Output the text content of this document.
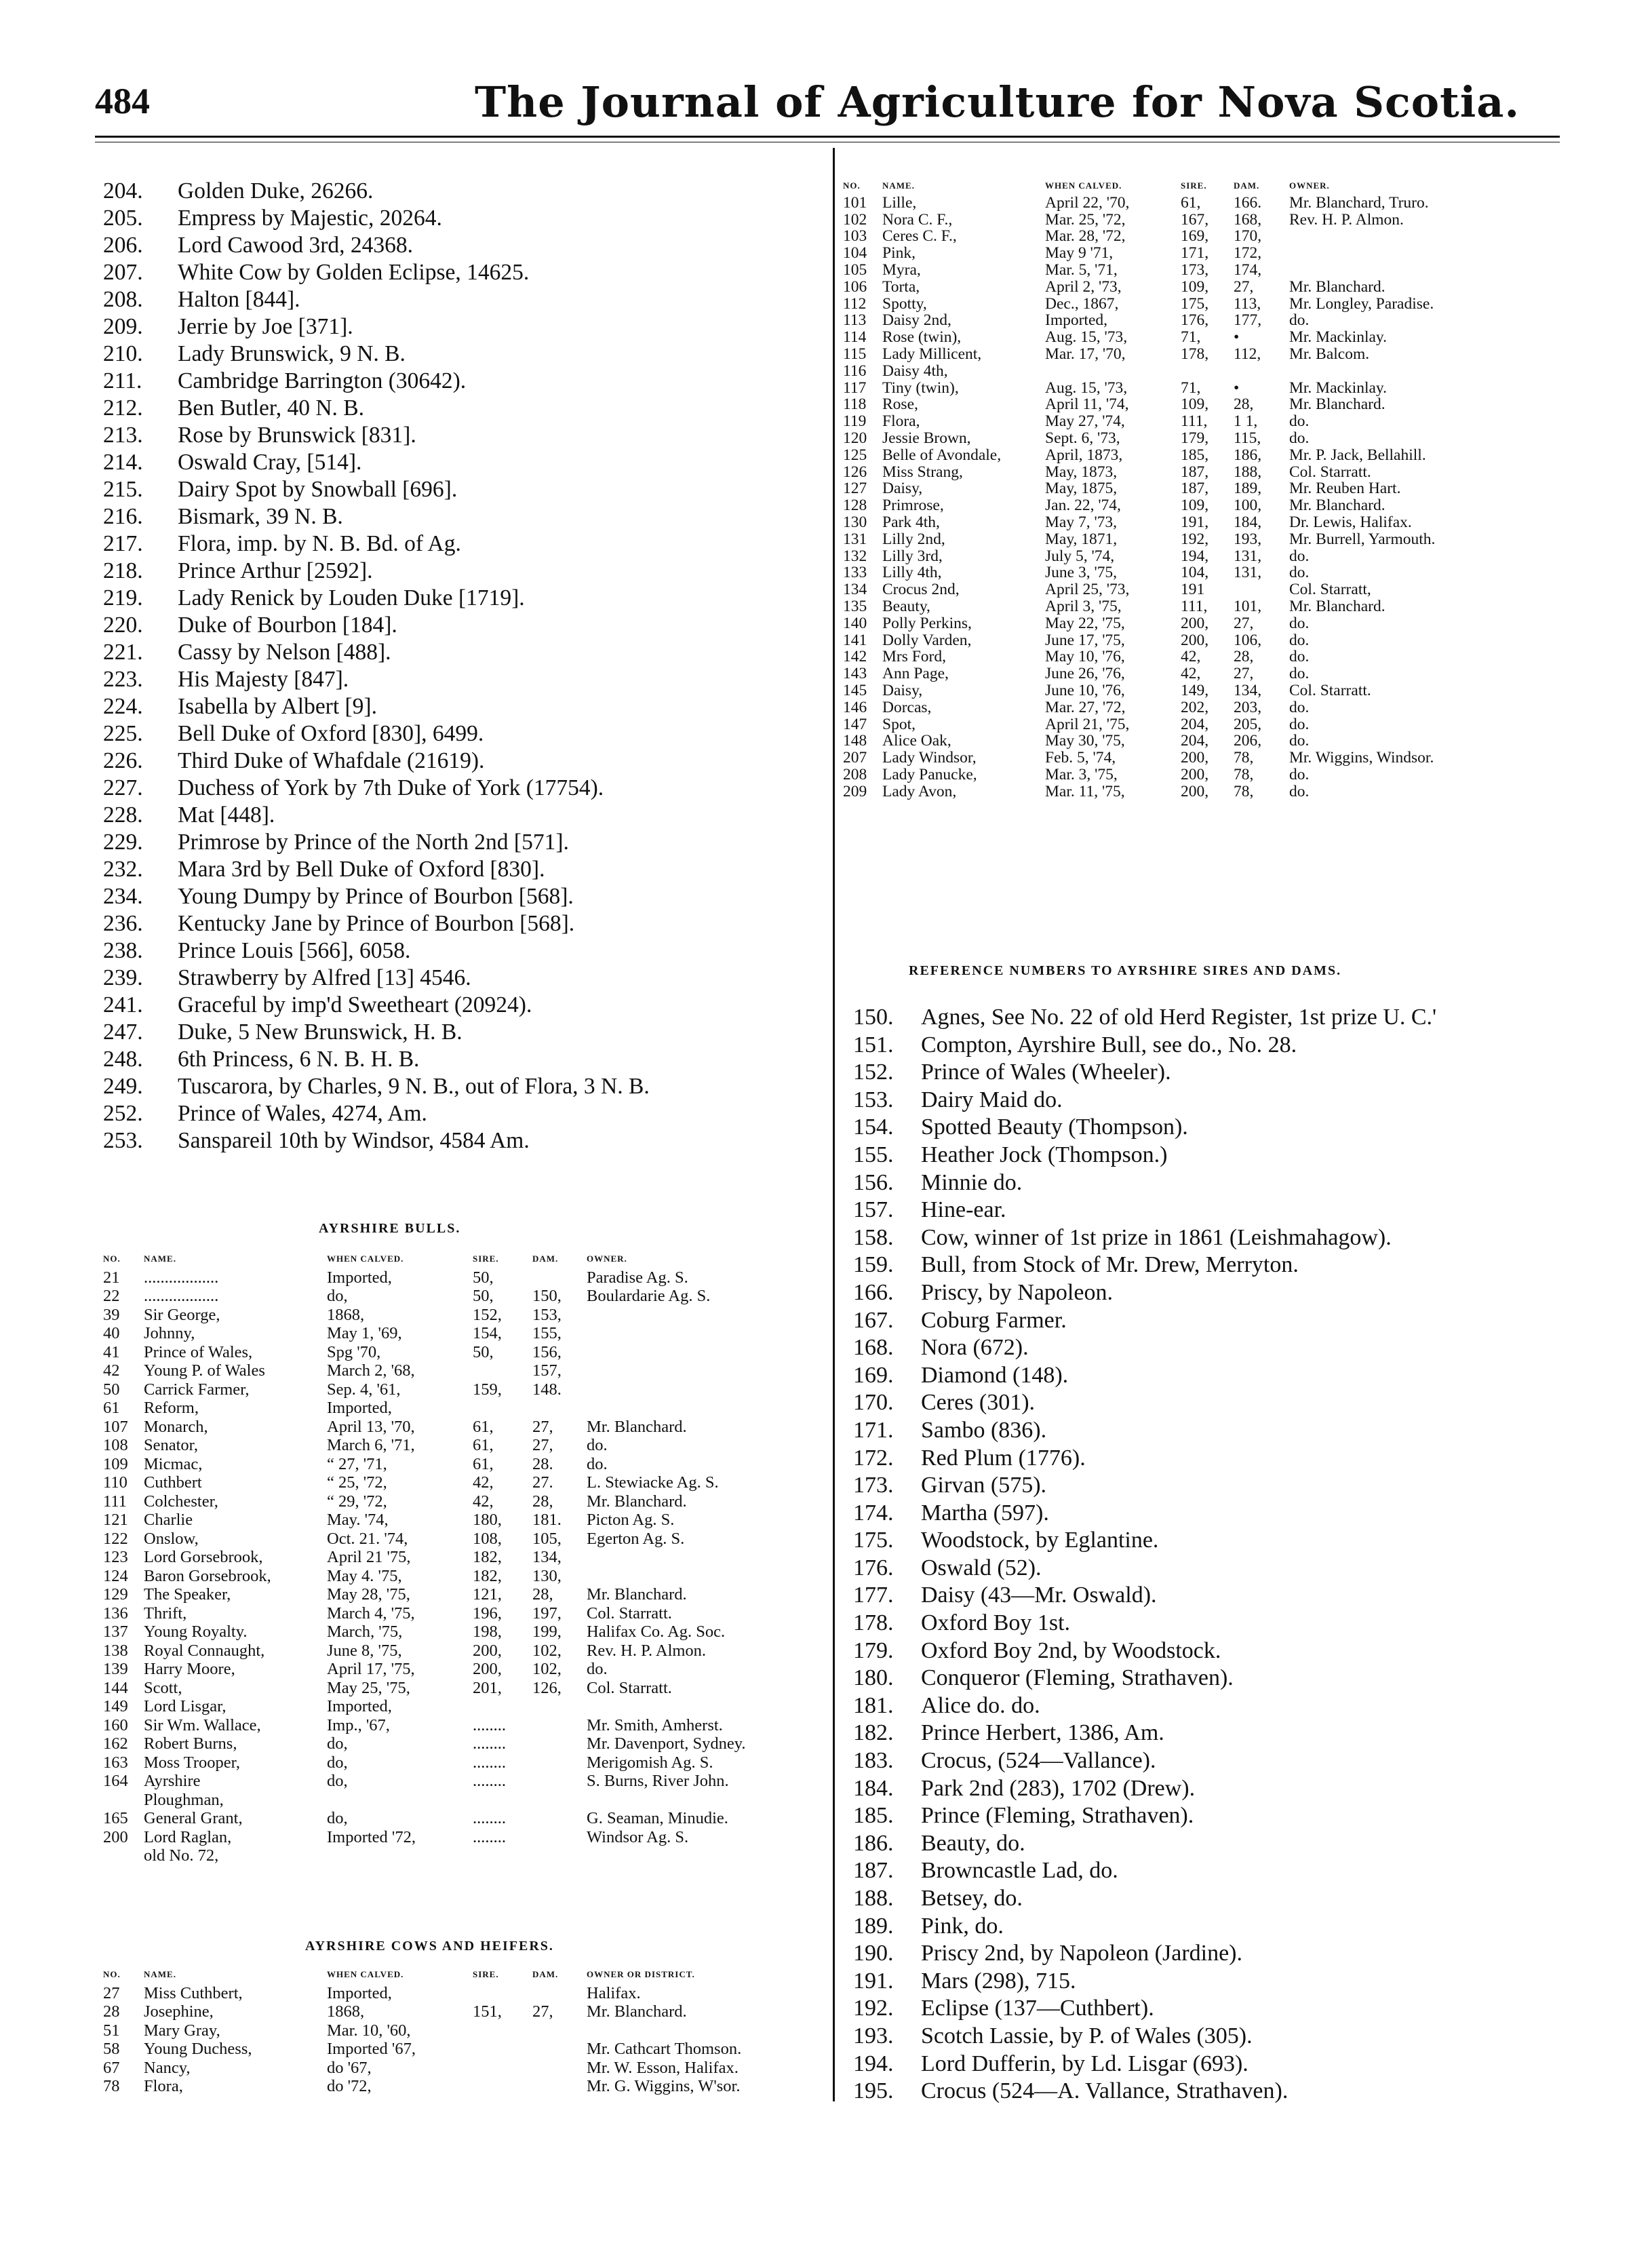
484	The Journal of Agriculture for Nova Scotia.
204.	Golden Duke, 26266.
205.	Empress by Majestic, 20264.
206.	Lord Cawood 3rd, 24368.
207.	White Cow by Golden Eclipse, 14625.
208.	Halton [844].
209.	Jerrie by Joe [371].
210.	Lady Brunswick, 9 N. B.
211.	Cambridge Barrington (30642).
212.	Ben Butler, 40 N. B.
213.	Rose by Brunswick [831].
214.	Oswald Cray, [514].
215.	Dairy Spot by Snowball [696].
216.	Bismark, 39 N. B.
217.	Flora, imp. by N. B. Bd. of Ag.
218.	Prince Arthur [2592].
219.	Lady Renick by Louden Duke [1719].
220.	Duke of Bourbon [184].
221.	Cassy by Nelson [488].
223.	His Majesty [847].
224.	Isabella by Albert [9].
225.	Bell Duke of Oxford [830], 6499.
226.	Third Duke of Whafdale (21619).
227.	Duchess of York by 7th Duke of York (17754).
228.	Mat [448].
229.	Primrose by Prince of the North 2nd [571].
232.	Mara 3rd by Bell Duke of Oxford [830].
234.	Young Dumpy by Prince of Bourbon [568].
236.	Kentucky Jane by Prince of Bourbon [568].
238.	Prince Louis [566], 6058.
239.	Strawberry by Alfred [13] 4546.
241.	Graceful by imp'd Sweetheart (20924).
247.	Duke, 5 New Brunswick, H. B.
248.	6th Princess, 6 N. B. H. B.
249.	Tuscarora, by Charles, 9 N. B., out of Flora, 3 N. B.
252.	Prince of Wales, 4274, Am.
253.	Sanspareil 10th by Windsor, 4584 Am.
AYRSHIRE BULLS.
NO.	NAME.	WHEN CALVED.	SIRE.	DAM.	OWNER.
21	..................	Imported,	50,		Paradise Ag. S.
22	..................	do,	50,	150,	Boulardarie Ag. S.
39	Sir George,	1868,	152,	153,	
40	Johnny,	May 1, '69,	154,	155,	
41	Prince of Wales,	Spg '70,	50,	156,	
42	Young P. of Wales	March 2, '68,		157,	
50	Carrick Farmer,	Sep. 4, '61,	159,	148.	
61	Reform,	Imported,			
107	Monarch,	April 13, '70,	61,	27,	Mr. Blanchard.
108	Senator,	March 6, '71,	61,	27,	do.
109	Micmac,	“ 27, '71,	61,	28.	do.
110	Cuthbert	“ 25, '72,	42,	27.	L. Stewiacke Ag. S.
111	Colchester,	“ 29, '72,	42,	28,	Mr. Blanchard.
121	Charlie	May. '74,	180,	181.	Picton Ag. S.
122	Onslow,	Oct. 21. '74,	108,	105,	Egerton Ag. S.
123	Lord Gorsebrook,	April 21 '75,	182,	134,	
124	Baron Gorsebrook,	May 4. '75,	182,	130,	
129	The Speaker,	May 28, '75,	121,	28,	Mr. Blanchard.
136	Thrift,	March 4, '75,	196,	197,	Col. Starratt.
137	Young Royalty.	March, '75,	198,	199,	Halifax Co. Ag. Soc.
138	Royal Connaught,	June 8, '75,	200,	102,	Rev. H. P. Almon.
139	Harry Moore,	April 17, '75,	200,	102,	do.
144	Scott,	May 25, '75,	201,	126,	Col. Starratt.
149	Lord Lisgar,	Imported,			
160	Sir Wm. Wallace,	Imp., '67,	........		Mr. Smith, Amherst.
162	Robert Burns,	do,	........		Mr. Davenport, Sydney.
163	Moss Trooper,	do,	........		Merigomish Ag. S.
164	Ayrshire	do,	........		S. Burns, River John.
	Ploughman,				
165	General Grant,	do,	........		G. Seaman, Minudie.
200	Lord Raglan,	Imported '72,	........		Windsor Ag. S.
	old No. 72,				
AYRSHIRE COWS AND HEIFERS.
NO.	NAME.	WHEN CALVED.	SIRE.	DAM.	OWNER OR DISTRICT.
27	Miss Cuthbert,	Imported,			Halifax.
28	Josephine,	1868,	151,	27,	Mr. Blanchard.
51	Mary Gray,	Mar. 10, '60,			
58	Young Duchess,	Imported '67,			Mr. Cathcart Thomson.
67	Nancy,	do '67,			Mr. W. Esson, Halifax.
78	Flora,	do '72,			Mr. G. Wiggins, W'sor.
NO.	NAME.	WHEN CALVED.	SIRE.	DAM.	OWNER.
101	Lille,	April 22, '70,	61,	166.	Mr. Blanchard, Truro.
102	Nora C. F.,	Mar. 25, '72,	167,	168,	Rev. H. P. Almon.
103	Ceres C. F.,	Mar. 28, '72,	169,	170,	
104	Pink,	May 9 '71,	171,	172,	
105	Myra,	Mar. 5, '71,	173,	174,	
106	Torta,	April 2, '73,	109,	27,	Mr. Blanchard.
112	Spotty,	Dec., 1867,	175,	113,	Mr. Longley, Paradise.
113	Daisy 2nd,	Imported,	176,	177,	do.
114	Rose (twin),	Aug. 15, '73,	71,	•	Mr. Mackinlay.
115	Lady Millicent,	Mar. 17, '70,	178,	112,	Mr. Balcom.
116	Daisy 4th,				
117	Tiny (twin),	Aug. 15, '73,	71,	•	Mr. Mackinlay.
118	Rose,	April 11, '74,	109,	28,	Mr. Blanchard.
119	Flora,	May 27, '74,	111,	1 1,	do.
120	Jessie Brown,	Sept. 6, '73,	179,	115,	do.
125	Belle of Avondale,	April, 1873,	185,	186,	Mr. P. Jack, Bellahill.
126	Miss Strang,	May, 1873,	187,	188,	Col. Starratt.
127	Daisy,	May, 1875,	187,	189,	Mr. Reuben Hart.
128	Primrose,	Jan. 22, '74,	109,	100,	Mr. Blanchard.
130	Park 4th,	May 7, '73,	191,	184,	Dr. Lewis, Halifax.
131	Lilly 2nd,	May, 1871,	192,	193,	Mr. Burrell, Yarmouth.
132	Lilly 3rd,	July 5, '74,	194,	131,	do.
133	Lilly 4th,	June 3, '75,	104,	131,	do.
134	Crocus 2nd,	April 25, '73,	191		Col. Starratt,
135	Beauty,	April 3, '75,	111,	101,	Mr. Blanchard.
140	Polly Perkins,	May 22, '75,	200,	27,	do.
141	Dolly Varden,	June 17, '75,	200,	106,	do.
142	Mrs Ford,	May 10, '76,	42,	28,	do.
143	Ann Page,	June 26, '76,	42,	27,	do.
145	Daisy,	June 10, '76,	149,	134,	Col. Starratt.
146	Dorcas,	Mar. 27, '72,	202,	203,	do.
147	Spot,	April 21, '75,	204,	205,	do.
148	Alice Oak,	May 30, '75,	204,	206,	do.
207	Lady Windsor,	Feb. 5, '74,	200,	78,	Mr. Wiggins, Windsor.
208	Lady Panucke,	Mar. 3, '75,	200,	78,	do.
209	Lady Avon,	Mar. 11, '75,	200,	78,	do.
REFERENCE NUMBERS TO AYRSHIRE SIRES AND DAMS.
150.	Agnes, See No. 22 of old Herd Register, 1st prize U. C.'
151.	Compton, Ayrshire Bull, see do., No. 28.
152.	Prince of Wales (Wheeler).
153.	Dairy Maid do.
154.	Spotted Beauty (Thompson).
155.	Heather Jock (Thompson.)
156.	Minnie do.
157.	Hine-ear.
158.	Cow, winner of 1st prize in 1861 (Leishmahagow).
159.	Bull, from Stock of Mr. Drew, Merryton.
166.	Priscy, by Napoleon.
167.	Coburg Farmer.
168.	Nora (672).
169.	Diamond (148).
170.	Ceres (301).
171.	Sambo (836).
172.	Red Plum (1776).
173.	Girvan (575).
174.	Martha (597).
175.	Woodstock, by Eglantine.
176.	Oswald (52).
177.	Daisy (43—Mr. Oswald).
178.	Oxford Boy 1st.
179.	Oxford Boy 2nd, by Woodstock.
180.	Conqueror (Fleming, Strathaven).
181.	Alice do. do.
182.	Prince Herbert, 1386, Am.
183.	Crocus, (524—Vallance).
184.	Park 2nd (283), 1702 (Drew).
185.	Prince (Fleming, Strathaven).
186.	Beauty, do.
187.	Browncastle Lad, do.
188.	Betsey, do.
189.	Pink, do.
190.	Priscy 2nd, by Napoleon (Jardine).
191.	Mars (298), 715.
192.	Eclipse (137—Cuthbert).
193.	Scotch Lassie, by P. of Wales (305).
194.	Lord Dufferin, by Ld. Lisgar (693).
195.	Crocus (524—A. Vallance, Strathaven).
